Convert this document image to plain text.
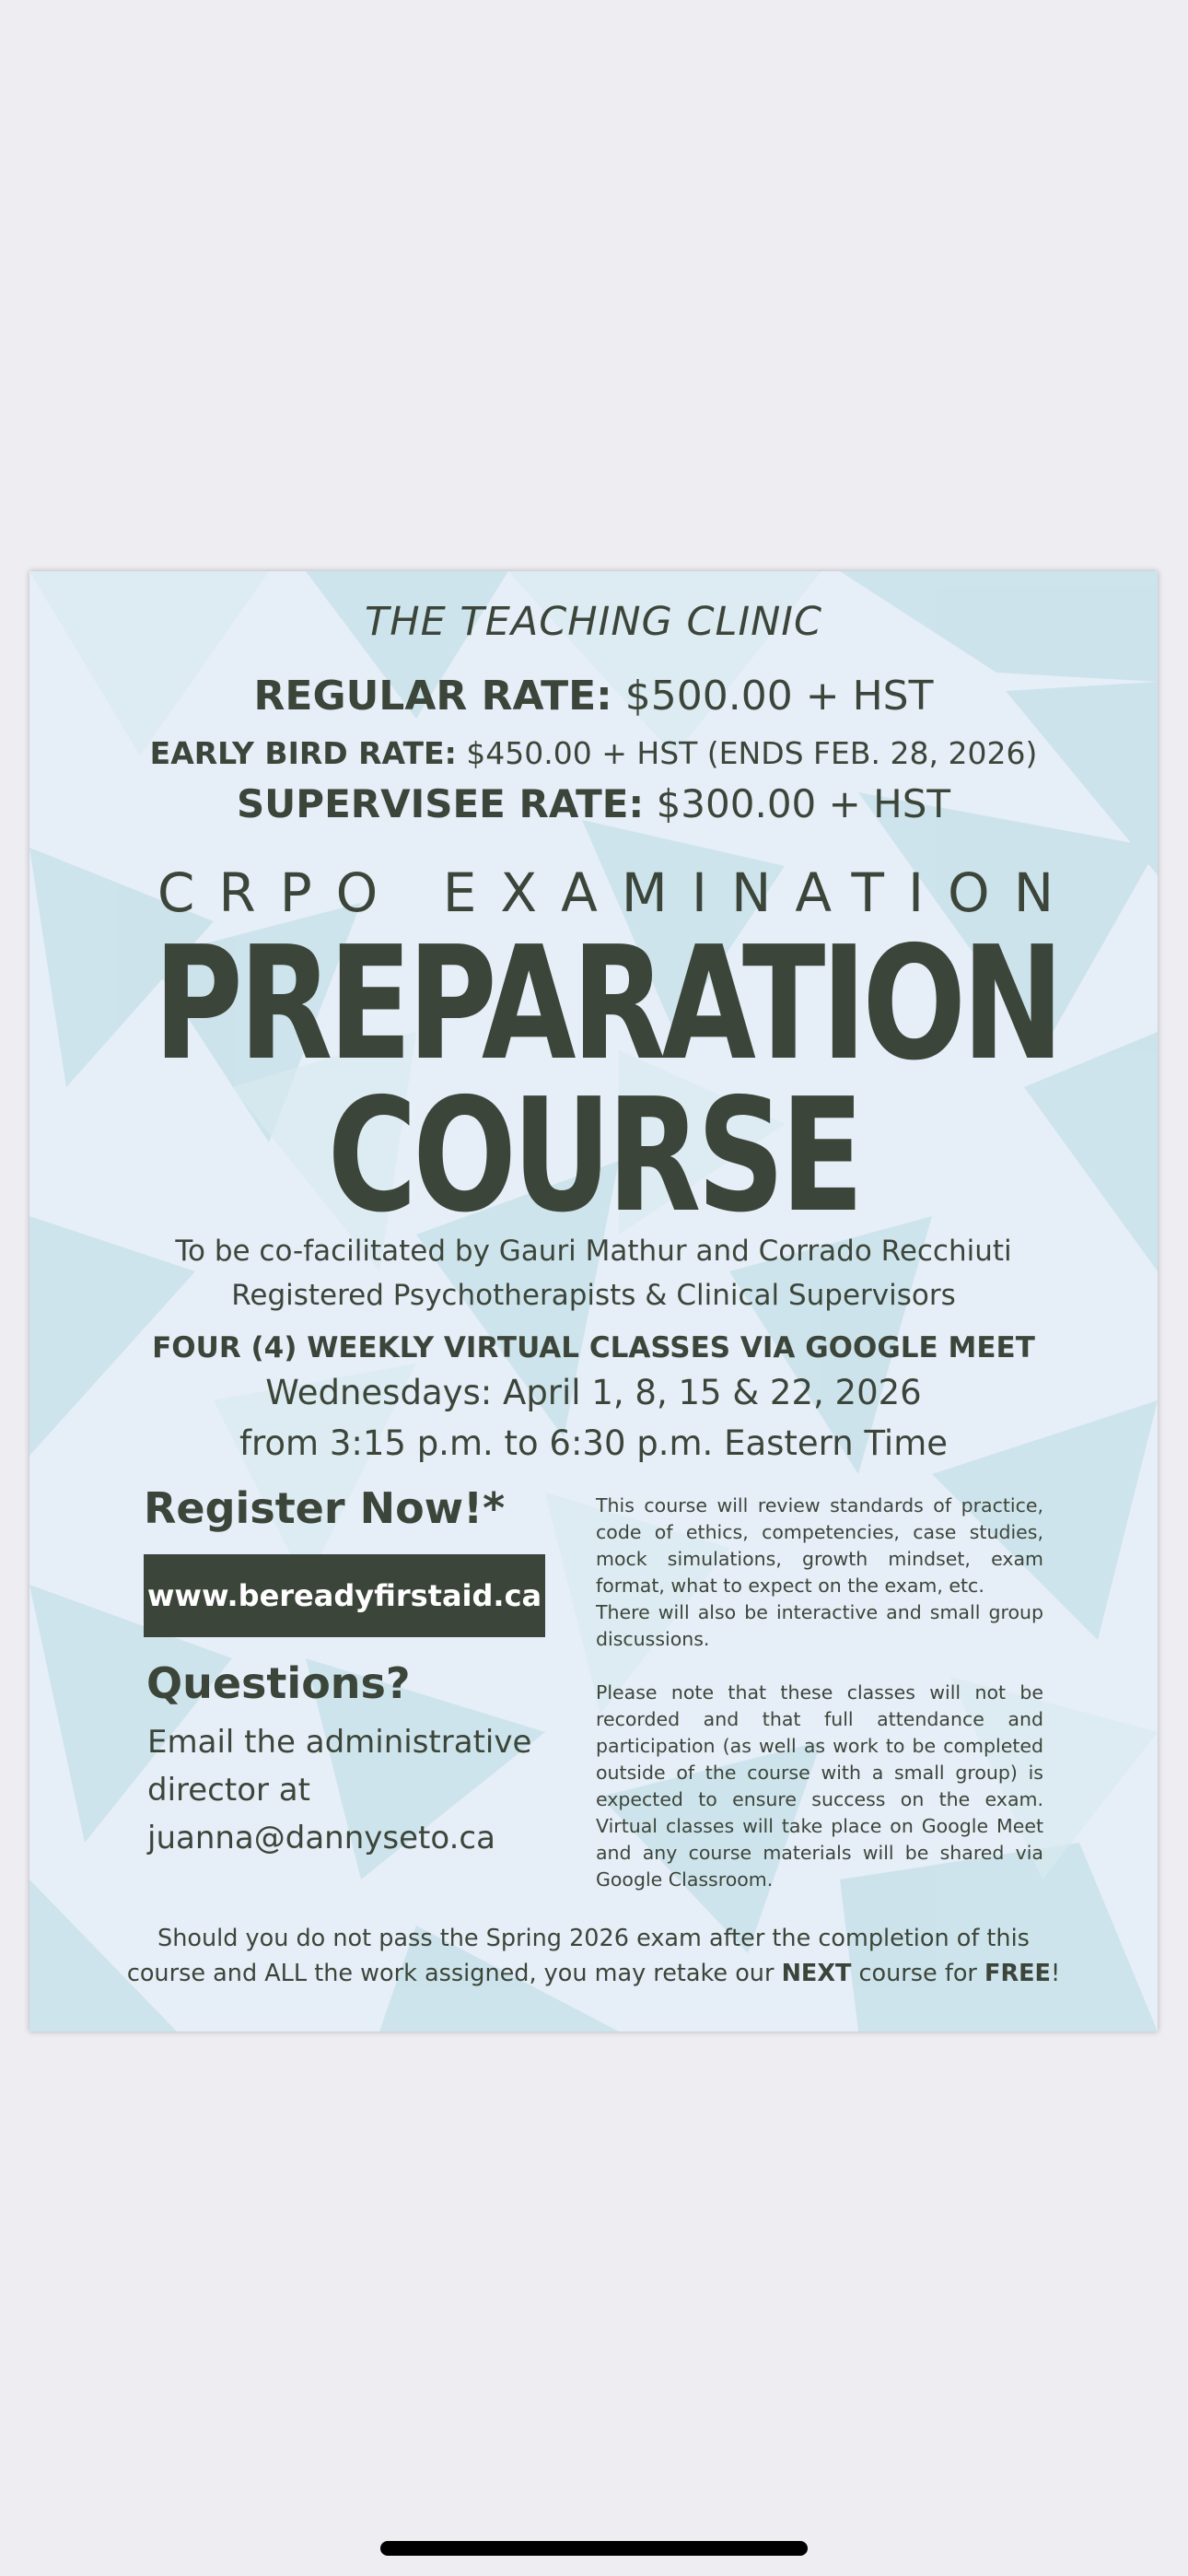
THE TEACHING CLINIC
REGULAR RATE: $500.00 + HST
EARLY BIRD RATE: $450.00 + HST (ENDS FEB. 28, 2026)
SUPERVISEE RATE: $300.00 + HST
CRPO EXAMINATION
PREPARATION
COURSE
To be co-facilitated by Gauri Mathur and Corrado Recchiuti
Registered Psychotherapists & Clinical Supervisors
FOUR (4) WEEKLY VIRTUAL CLASSES VIA GOOGLE MEET
Wednesdays: April 1, 8, 15 & 22, 2026
from 3:15 p.m. to 6:30 p.m. Eastern Time
Register Now!*
www.bereadyfirstaid.ca
Questions?
Email the administrative
director at
juanna@dannyseto.ca

This course will review standards of practice, code of ethics, competencies, case studies, mock simulations, growth mindset, exam format, what to expect on the exam, etc.
There will also be interactive and small group discussions.

Please note that these classes will not be recorded and that full attendance and participation (as well as work to be completed outside of the course with a small group) is expected to ensure success on the exam. Virtual classes will take place on Google Meet and any course materials will be shared via Google Classroom.

Should you do not pass the Spring 2026 exam after the completion of this
course and ALL the work assigned, you may retake our NEXT course for FREE!
